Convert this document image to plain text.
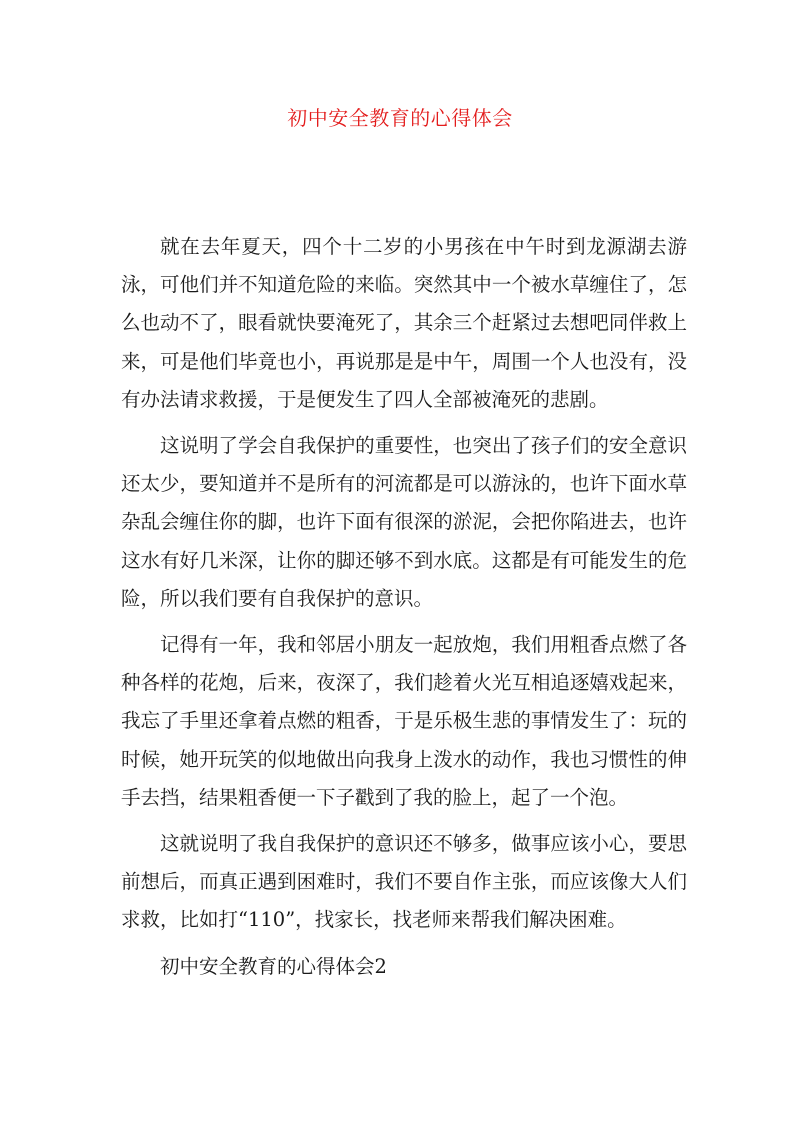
初中安全教育的心得体会

就在去年夏天，四个十二岁的小男孩在中午时到龙源湖去游泳，可他们并不知道危险的来临。突然其中一个被水草缠住了，怎么也动不了，眼看就快要淹死了，其余三个赶紧过去想吧同伴救上来，可是他们毕竟也小，再说那是是中午，周围一个人也没有，没有办法请求救援，于是便发生了四人全部被淹死的悲剧。

这说明了学会自我保护的重要性，也突出了孩子们的安全意识还太少，要知道并不是所有的河流都是可以游泳的，也许下面水草杂乱会缠住你的脚，也许下面有很深的淤泥，会把你陷进去，也许这水有好几米深，让你的脚还够不到水底。这都是有可能发生的危险，所以我们要有自我保护的意识。

记得有一年，我和邻居小朋友一起放炮，我们用粗香点燃了各种各样的花炮，后来，夜深了，我们趁着火光互相追逐嬉戏起来，我忘了手里还拿着点燃的粗香，于是乐极生悲的事情发生了：玩的时候，她开玩笑的似地做出向我身上泼水的动作，我也习惯性的伸手去挡，结果粗香便一下子戳到了我的脸上，起了一个泡。

这就说明了我自我保护的意识还不够多，做事应该小心，要思前想后，而真正遇到困难时，我们不要自作主张，而应该像大人们求救，比如打“110”，找家长，找老师来帮我们解决困难。

初中安全教育的心得体会2
